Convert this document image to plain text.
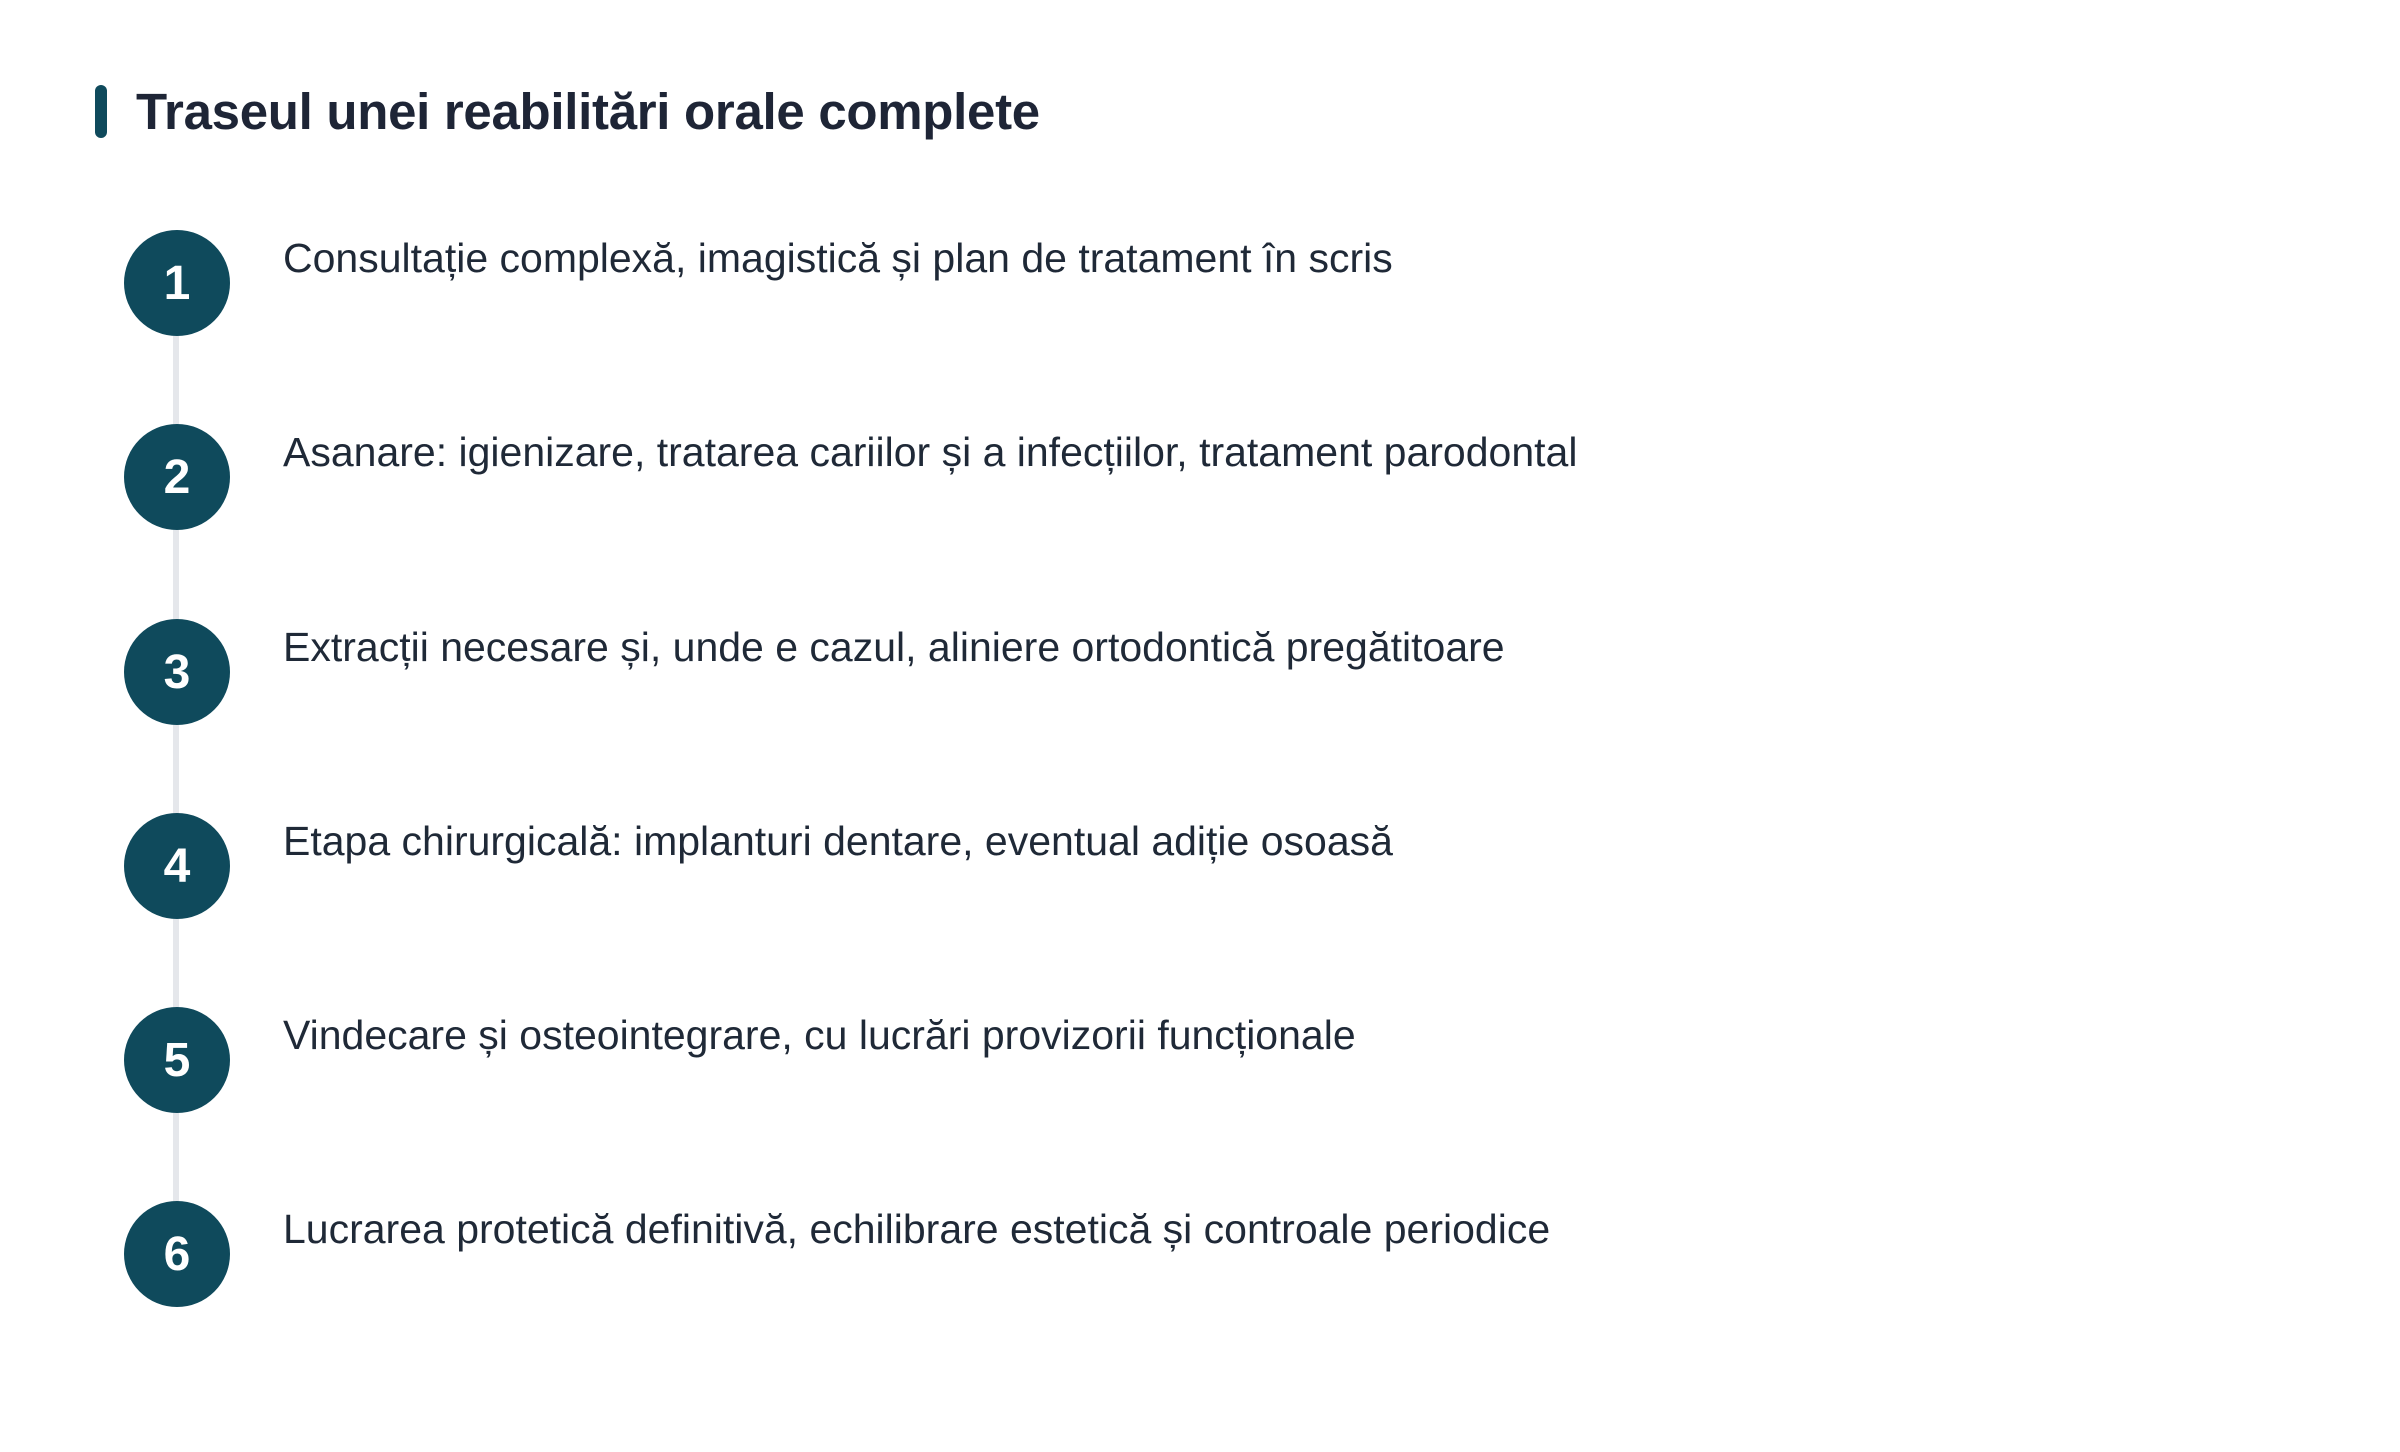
Traseul unei reabilitări orale complete
1	Consultație complexă, imagistică și plan de tratament în scris
2	Asanare: igienizare, tratarea cariilor și a infecțiilor, tratament parodontal
3	Extracții necesare și, unde e cazul, aliniere ortodontică pregătitoare
4	Etapa chirurgicală: implanturi dentare, eventual adiție osoasă
5	Vindecare și osteointegrare, cu lucrări provizorii funcționale
6	Lucrarea protetică definitivă, echilibrare estetică și controale periodice
